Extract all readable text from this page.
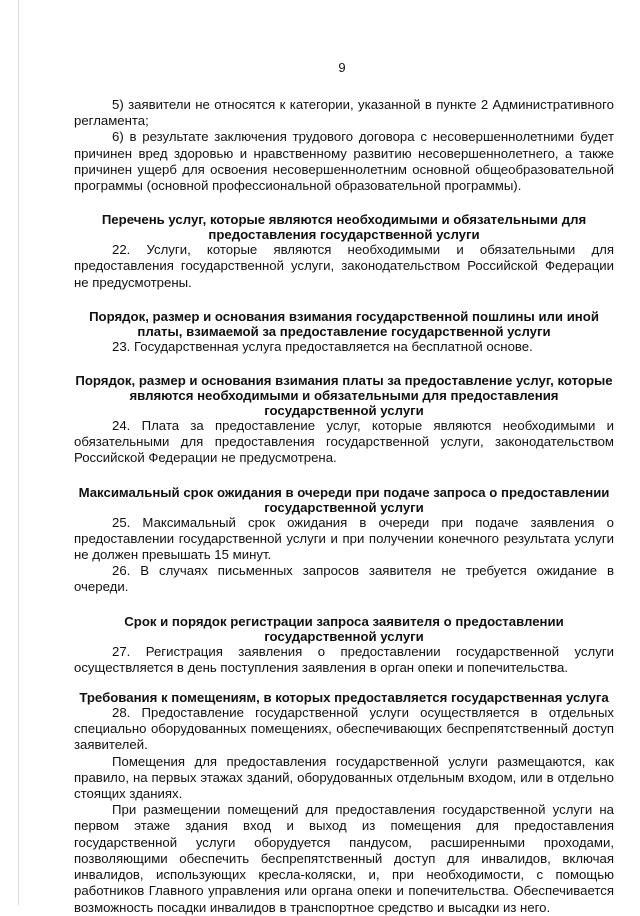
9

5) заявители не относятся к категории, указанной в пункте 2 Административного регламента;

6) в результате заключения трудового договора с несовершеннолетними будет причинен вред здоровью и нравственному развитию несовершеннолетнего, а также причинен ущерб для освоения несовершеннолетним основной общеобразовательной программы (основной профессиональной образовательной программы).

Перечень услуг, которые являются необходимыми и обязательными для предоставления государственной услуги

22. Услуги, которые являются необходимыми и обязательными для предоставления государственной услуги, законодательством Российской Федерации не предусмотрены.

Порядок, размер и основания взимания государственной пошлины или иной платы, взимаемой за предоставление государственной услуги

23. Государственная услуга предоставляется на бесплатной основе.

Порядок, размер и основания взимания платы за предоставление услуг, которые являются необходимыми и обязательными для предоставления государственной услуги

24. Плата за предоставление услуг, которые являются необходимыми и обязательными для предоставления государственной услуги, законодательством Российской Федерации не предусмотрена.

Максимальный срок ожидания в очереди при подаче запроса о предоставлении государственной услуги

25. Максимальный срок ожидания в очереди при подаче заявления о предоставлении государственной услуги и при получении конечного результата услуги не должен превышать 15 минут.

26. В случаях письменных запросов заявителя не требуется ожидание в очереди.

Срок и порядок регистрации запроса заявителя о предоставлении государственной услуги

27. Регистрация заявления о предоставлении государственной услуги осуществляется в день поступления заявления в орган опеки и попечительства.

Требования к помещениям, в которых предоставляется государственная услуга

28. Предоставление государственной услуги осуществляется в отдельных специально оборудованных помещениях, обеспечивающих беспрепятственный доступ заявителей.

Помещения для предоставления государственной услуги размещаются, как правило, на первых этажах зданий, оборудованных отдельным входом, или в отдельно стоящих зданиях.

При размещении помещений для предоставления государственной услуги на первом этаже здания вход и выход из помещения для предоставления государственной услуги оборудуется пандусом, расширенными проходами, позволяющими обеспечить беспрепятственный доступ для инвалидов, включая инвалидов, использующих кресла-коляски, и, при необходимости, с помощью работников Главного управления или органа опеки и попечительства. Обеспечивается возможность посадки инвалидов в транспортное средство и высадки из него.
